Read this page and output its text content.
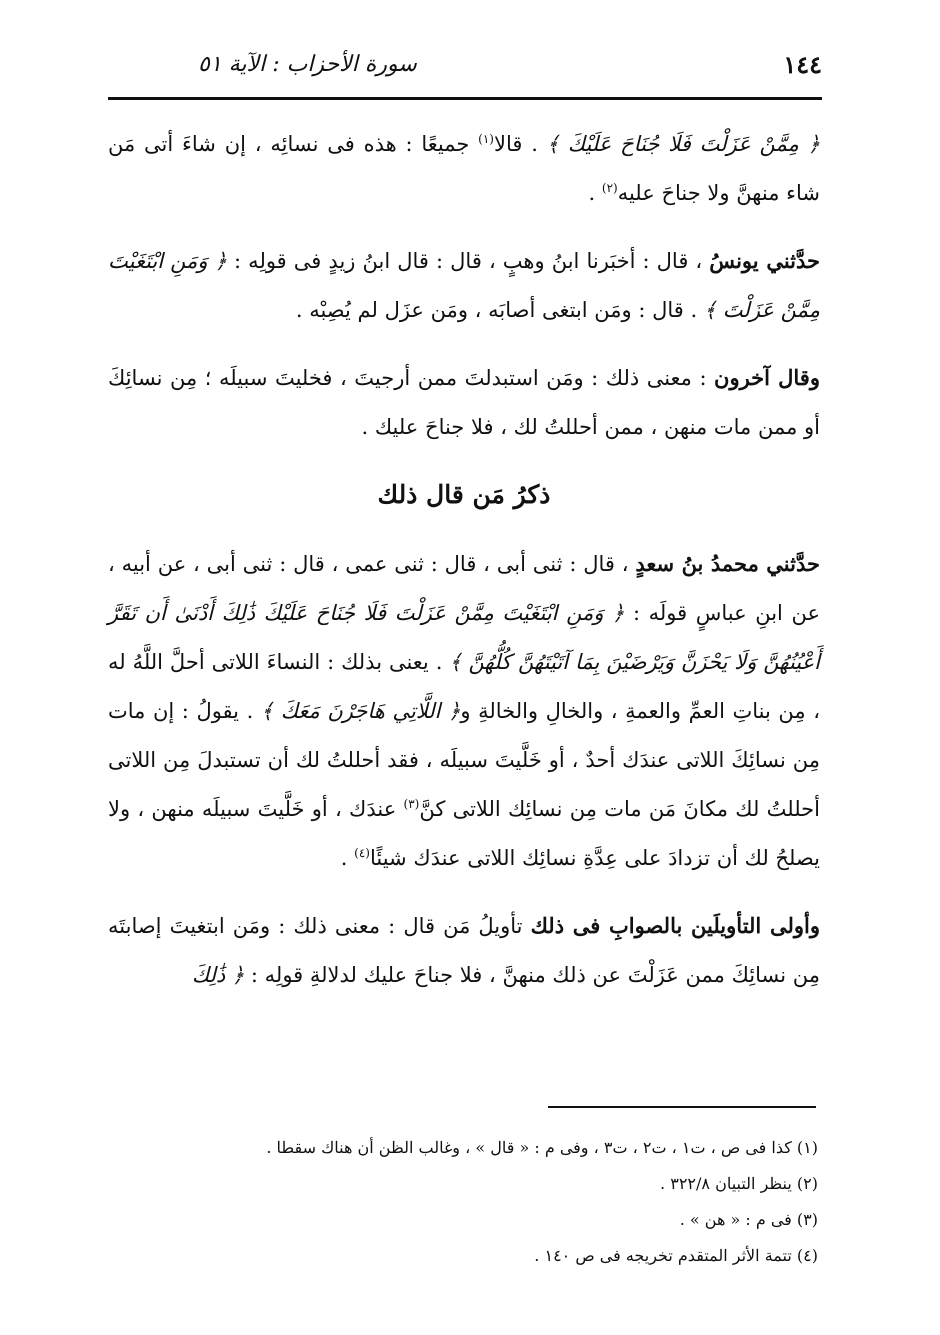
١٤٤
سورة الأحزاب : الآية ٥١

﴿ مِمَّنْ عَزَلْتَ فَلَا جُنَاحَ عَلَيْكَ ﴾ . قالا$^{(١)}$ جميعًا : هذه فى نسائِه ، إن شاءَ أتى مَن شاء منهنَّ ولا جناحَ عليه$^{(٢)}$ .

حدَّثني يونسُ ، قال : أخبَرنا ابنُ وهبٍ ، قال : قال ابنُ زيدٍ فى قولِه : ﴿ وَمَنِ ابْتَغَيْتَ مِمَّنْ عَزَلْتَ ﴾ . قال : ومَن ابتغى أصابَه ، ومَن عزَل لم يُصِبْه .

وقال آخرون : معنى ذلك : ومَن استبدلتَ ممن أرجيتَ ، فخليتَ سبيلَه ؛ مِن نسائِكَ أو ممن مات منهن ، ممن أحللتُ لك ، فلا جناحَ عليك .

ذكرُ مَن قال ذلك

حدَّثني محمدُ بنُ سعدٍ ، قال : ثنى أبى ، قال : ثنى عمى ، قال : ثنى أبى ، عن أبيه ، عن ابنِ عباسٍ قولَه : ﴿ وَمَنِ ابْتَغَيْتَ مِمَّنْ عَزَلْتَ فَلَا جُنَاحَ عَلَيْكَ ذَٰلِكَ أَدْنَىٰ أَن تَقَرَّ أَعْيُنُهُنَّ وَلَا يَحْزَنَّ وَيَرْضَيْنَ بِمَا آتَيْتَهُنَّ كُلُّهُنَّ ﴾ . يعنى بذلك : النساءَ اللاتى أحلَّ اللَّهُ له ، مِن بناتِ العمِّ والعمةِ ، والخالِ والخالةِ و﴿ اللَّاتِي هَاجَرْنَ مَعَكَ ﴾ . يقولُ : إن مات مِن نسائِكَ اللاتى عندَك أحدٌ ، أو خَلَّيتَ سبيلَه ، فقد أحللتُ لك أن تستبدلَ مِن اللاتى أحللتُ لك مكانَ مَن مات مِن نسائِك اللاتى كنَّ$^{(٣)}$ عندَك ، أو خَلَّيتَ سبيلَه منهن ، ولا يصلحُ لك أن تزدادَ على عِدَّةِ نسائِك اللاتى عندَك شيئًا$^{(٤)}$ .

وأولى التأويلَين بالصوابِ فى ذلك تأويلُ مَن قال : معنى ذلك : ومَن ابتغيتَ إصابتَه مِن نسائِكَ ممن عَزَلْتَ عن ذلك منهنَّ ، فلا جناحَ عليك لدلالةِ قولِه : ﴿ ذَٰلِكَ

(١) كذا فى ص ، ت١ ، ت٢ ، ت٣ ، وفى م : « قال » ، وغالب الظن أن هناك سقطا .

(٢) ينظر التبيان ٣٢٢/٨ .

(٣) فى م : « هن » .

(٤) تتمة الأثر المتقدم تخريجه فى ص ١٤٠ .
